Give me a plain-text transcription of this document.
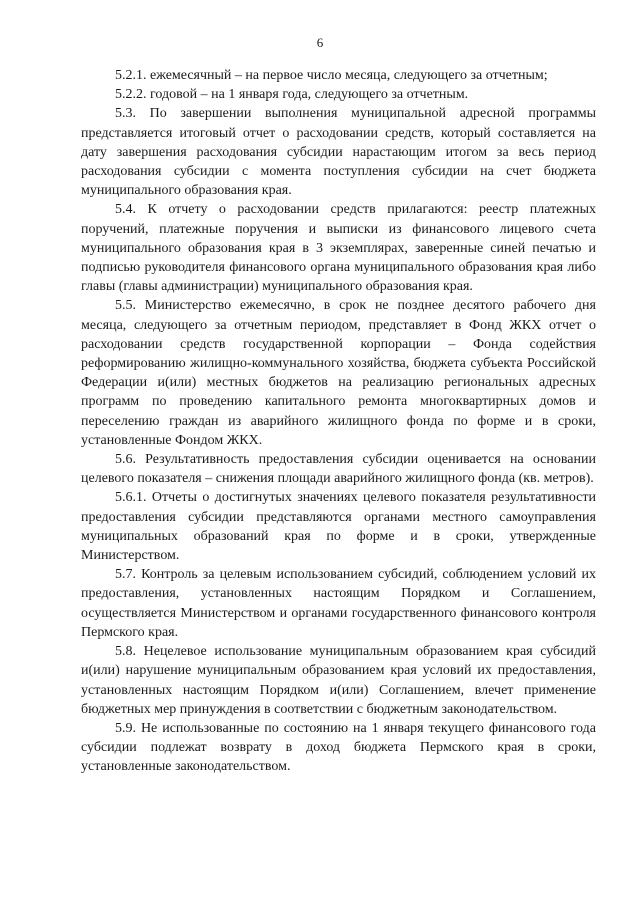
6

5.2.1. ежемесячный – на первое число месяца, следующего за отчетным;

5.2.2. годовой – на 1 января года, следующего за отчетным.

5.3. По завершении выполнения муниципальной адресной программы представляется итоговый отчет о расходовании средств, который составляется на дату завершения расходования субсидии нарастающим итогом за весь период расходования субсидии с момента поступления субсидии на счет бюджета муниципального образования края.

5.4. К отчету о расходовании средств прилагаются: реестр платежных поручений, платежные поручения и выписки из финансового лицевого счета муниципального образования края в 3 экземплярах, заверенные синей печатью и подписью руководителя финансового органа муниципального образования края либо главы (главы администрации) муниципального образования края.

5.5. Министерство ежемесячно, в срок не позднее десятого рабочего дня месяца, следующего за отчетным периодом, представляет в Фонд ЖКХ отчет о расходовании средств государственной корпорации – Фонда содействия реформированию жилищно-коммунального хозяйства, бюджета субъекта Российской Федерации и(или) местных бюджетов на реализацию региональных адресных программ по проведению капитального ремонта многоквартирных домов и переселению граждан из аварийного жилищного фонда по форме и в сроки, установленные Фондом ЖКХ.

5.6. Результативность предоставления субсидии оценивается на основании целевого показателя – снижения площади аварийного жилищного фонда (кв. метров).

5.6.1. Отчеты о достигнутых значениях целевого показателя результативности предоставления субсидии представляются органами местного самоуправления муниципальных образований края по форме и в сроки, утвержденные Министерством.

5.7. Контроль за целевым использованием субсидий, соблюдением условий их предоставления, установленных настоящим Порядком и Соглашением, осуществляется Министерством и органами государственного финансового контроля Пермского края.

5.8. Нецелевое использование муниципальным образованием края субсидий и(или) нарушение муниципальным образованием края условий их предоставления, установленных настоящим Порядком и(или) Соглашением, влечет применение бюджетных мер принуждения в соответствии с бюджетным законодательством.

5.9. Не использованные по состоянию на 1 января текущего финансового года субсидии подлежат возврату в доход бюджета Пермского края в сроки, установленные законодательством.
